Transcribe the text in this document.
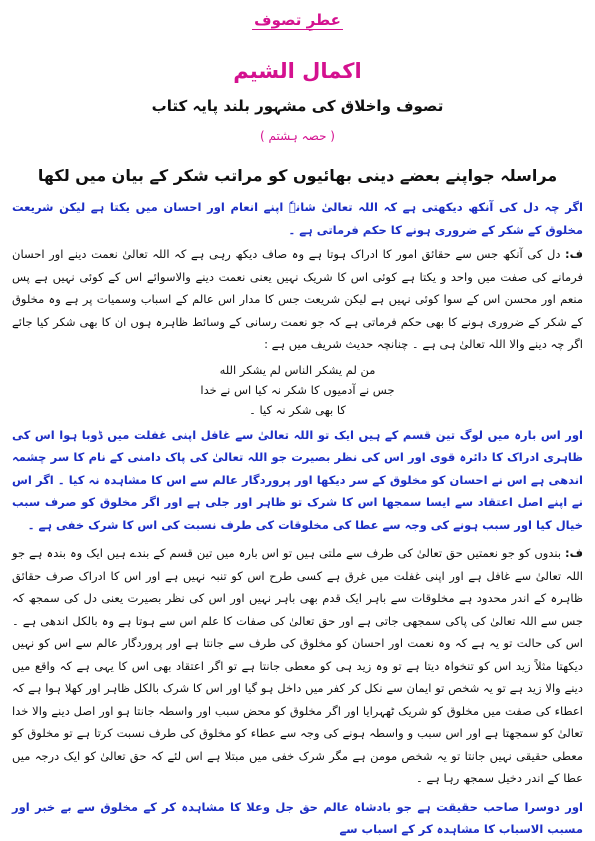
عطرِ تصوف
اکمال الشیم
تصوف واخلاق کی مشہور بلند پایہ کتاب
( حصہ ہشتم )
مراسلہ جواپنے بعضے دینی بھائیوں کو مراتب شکر کے بیان میں لکھا

اگر چہ دل کی آنکھ دیکھتی ہے کہ اللہ تعالیٰ شانہٗ اپنے انعام اور احسان میں یکتا ہے لیکن شریعت مخلوق کے شکر کے ضروری ہونے کا حکم فرماتی ہے ۔

ف: دل کی آنکھ جس سے حقائق امور کا ادراک ہوتا ہے وہ صاف دیکھ رہی ہے کہ اللہ تعالیٰ نعمت دینے اور احسان فرمانے کی صفت میں واحد و یکتا ہے کوئی اس کا شریک نہیں یعنی نعمت دینے والاسوائے اس کے کوئی نہیں ہے پس منعم اور محسن اس کے سوا کوئی نہیں ہے لیکن شریعت جس کا مدار اس عالم کے اسباب وسمیات پر ہے وہ مخلوق کے شکر کے ضروری ہونے کا بھی حکم فرماتی ہے کہ جو نعمت رسانی کے وسائط ظاہرہ ہوں ان کا بھی شکر کیا جائے اگر چہ دینے والا اللہ تعالیٰ ہی ہے ۔ چنانچہ حدیث شریف میں ہے :

من لم يشكر الناس لم يشكر الله
جس نے آدمیوں کا شکر نہ کیا اس نے خدا
کا بھی شکر نہ کیا ۔

اور اس بارہ میں لوگ تین قسم کے ہیں ایک تو اللہ تعالیٰ سے غافل اپنی غفلت میں ڈوبا ہوا اس کی ظاہری ادراک کا دائرہ قوی اور اس کی نظر بصیرت جو اللہ تعالیٰ کی پاک دامنی کے نام کا سر چشمہ اندھی ہے اس نے احسان کو مخلوق کے سر دیکھا اور پروردگار عالم سے اس کا مشاہدہ نہ کیا ۔ اگر اس نے اپنے اصل اعتقاد سے ایسا سمجھا اس کا شرک تو ظاہر اور جلی ہے اور اگر مخلوق کو صرف سبب خیال کیا اور سبب ہونے کی وجہ سے عطا کی مخلوقات کی طرف نسبت کی اس کا شرک خفی ہے ۔

ف: بندوں کو جو نعمتیں حق تعالیٰ کی طرف سے ملتی ہیں تو اس بارہ میں تین قسم کے بندے ہیں ایک وہ بندہ ہے جو اللہ تعالیٰ سے غافل ہے اور اپنی غفلت میں غرق ہے کسی طرح اس کو تنبہ نہیں ہے اور اس کا ادراک صرف حقائق ظاہرہ کے اندر محدود ہے مخلوقات سے باہر ایک قدم بھی باہر نہیں اور اس کی نظر بصیرت یعنی دل کی سمجھ کہ جس سے اللہ تعالیٰ کی پاکی سمجھی جاتی ہے اور حق تعالیٰ کی صفات کا علم اس سے ہوتا ہے وہ بالکل اندھی ہے ۔ اس کی حالت تو یہ ہے کہ وہ نعمت اور احسان کو مخلوق کی طرف سے جانتا ہے اور پروردگار عالم سے اس کو نہیں دیکھتا مثلاً زید اس کو تنخواہ دیتا ہے تو وہ زید ہی کو معطی جانتا ہے تو اگر اعتقاد بھی اس کا یہی ہے کہ واقع میں دینے والا زید ہے تو یہ شخص تو ایمان سے نکل کر کفر میں داخل ہو گیا اور اس کا شرک بالکل ظاہر اور کھلا ہوا ہے کہ اعطاء کی صفت میں مخلوق کو شریک ٹھہرایا اور اگر مخلوق کو محض سبب اور واسطہ جانتا ہو اور اصل دینے والا خدا تعالیٰ کو سمجھتا ہے اور اس سبب و واسطہ ہونے کی وجہ سے عطاء کو مخلوق کی طرف نسبت کرتا ہے تو مخلوق کو معطی حقیقی نہیں جانتا تو یہ شخص مومن ہے مگر شرک خفی میں مبتلا ہے اس لئے کہ حق تعالیٰ کو ایک درجہ میں عطا کے اندر دخیل سمجھ رہا ہے ۔

اور دوسرا صاحب حقیقت ہے جو بادشاہ عالم حق جل وعلا کا مشاہدہ کر کے مخلوق سے بے خبر اور مسبب الاسباب کا مشاہدہ کر کے اسباب سے
